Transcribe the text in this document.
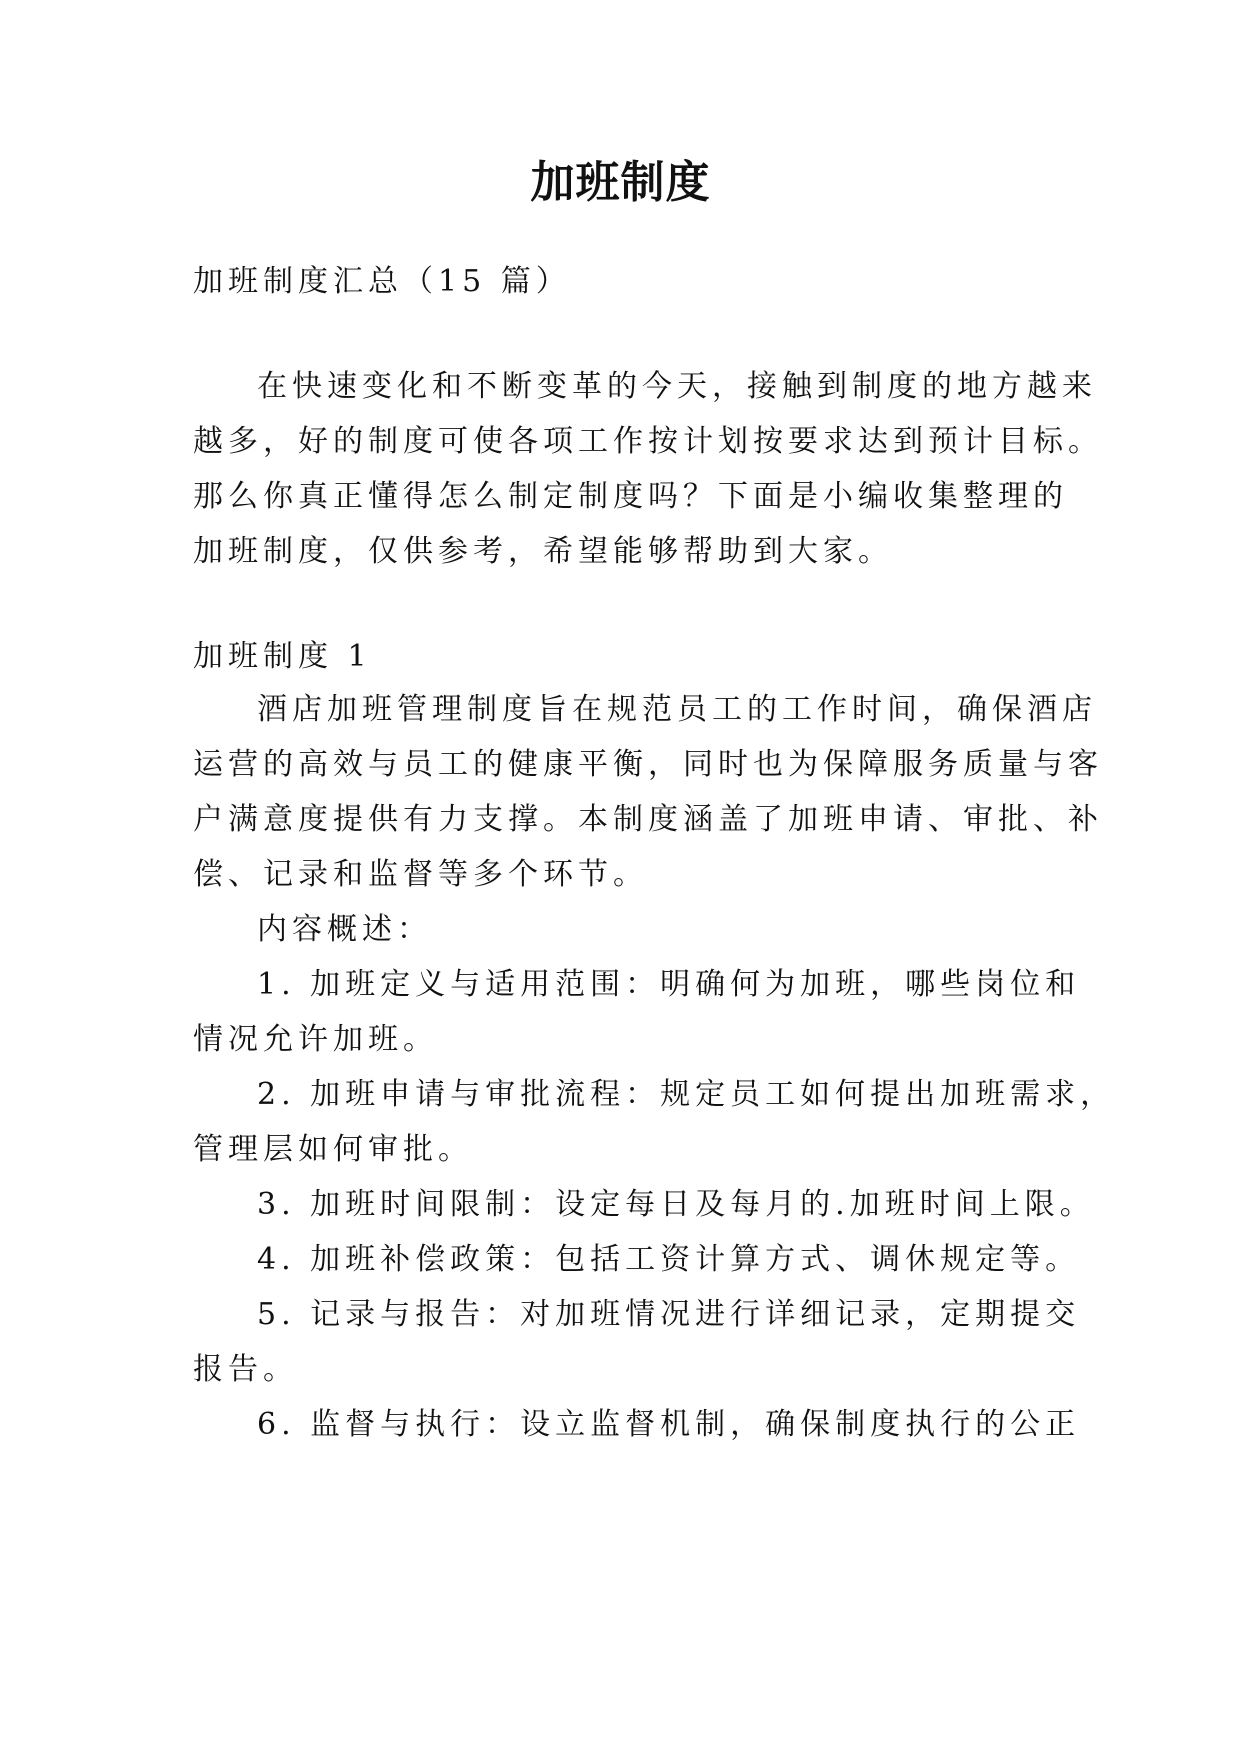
加班制度

加班制度汇总（15 篇）

在快速变化和不断变革的今天，接触到制度的地方越来

越多，好的制度可使各项工作按计划按要求达到预计目标。

那么你真正懂得怎么制定制度吗？下面是小编收集整理的

加班制度，仅供参考，希望能够帮助到大家。

加班制度 1

酒店加班管理制度旨在规范员工的工作时间，确保酒店

运营的高效与员工的健康平衡，同时也为保障服务质量与客

户满意度提供有力支撑。本制度涵盖了加班申请、审批、补

偿、记录和监督等多个环节。

内容概述：

1. 加班定义与适用范围：明确何为加班，哪些岗位和

情况允许加班。

2. 加班申请与审批流程：规定员工如何提出加班需求，

管理层如何审批。

3. 加班时间限制：设定每日及每月的.加班时间上限。

4. 加班补偿政策：包括工资计算方式、调休规定等。

5. 记录与报告：对加班情况进行详细记录，定期提交

报告。

6. 监督与执行：设立监督机制，确保制度执行的公正
